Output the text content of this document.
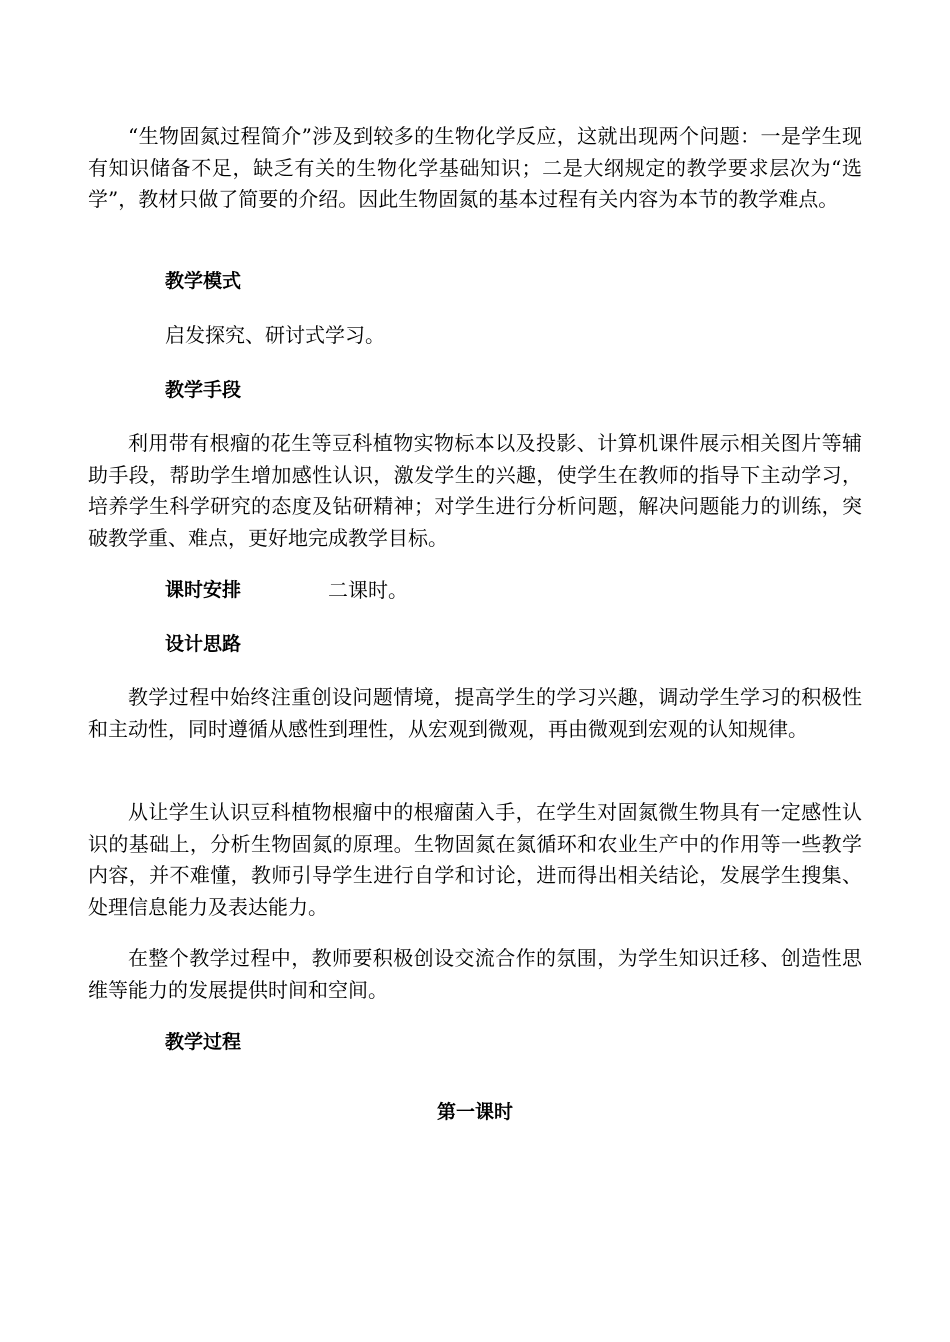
“生物固氮过程简介”涉及到较多的生物化学反应，这就出现两个问题：一是学生现有知识储备不足，缺乏有关的生物化学基础知识；二是大纲规定的教学要求层次为“选学”，教材只做了简要的介绍。因此生物固氮的基本过程有关内容为本节的教学难点。

教学模式

启发探究、研讨式学习。

教学手段

利用带有根瘤的花生等豆科植物实物标本以及投影、计算机课件展示相关图片等辅助手段，帮助学生增加感性认识，激发学生的兴趣，使学生在教师的指导下主动学习，培养学生科学研究的态度及钻研精神；对学生进行分析问题，解决问题能力的训练，突破教学重、难点，更好地完成教学目标。

课时安排	二课时。
设计思路

教学过程中始终注重创设问题情境，提高学生的学习兴趣，调动学生学习的积极性和主动性，同时遵循从感性到理性，从宏观到微观，再由微观到宏观的认知规律。

从让学生认识豆科植物根瘤中的根瘤菌入手，在学生对固氮微生物具有一定感性认识的基础上，分析生物固氮的原理。生物固氮在氮循环和农业生产中的作用等一些教学内容，并不难懂，教师引导学生进行自学和讨论，进而得出相关结论，发展学生搜集、处理信息能力及表达能力。

在整个教学过程中，教师要积极创设交流合作的氛围，为学生知识迁移、创造性思维等能力的发展提供时间和空间。

教学过程
第一课时
